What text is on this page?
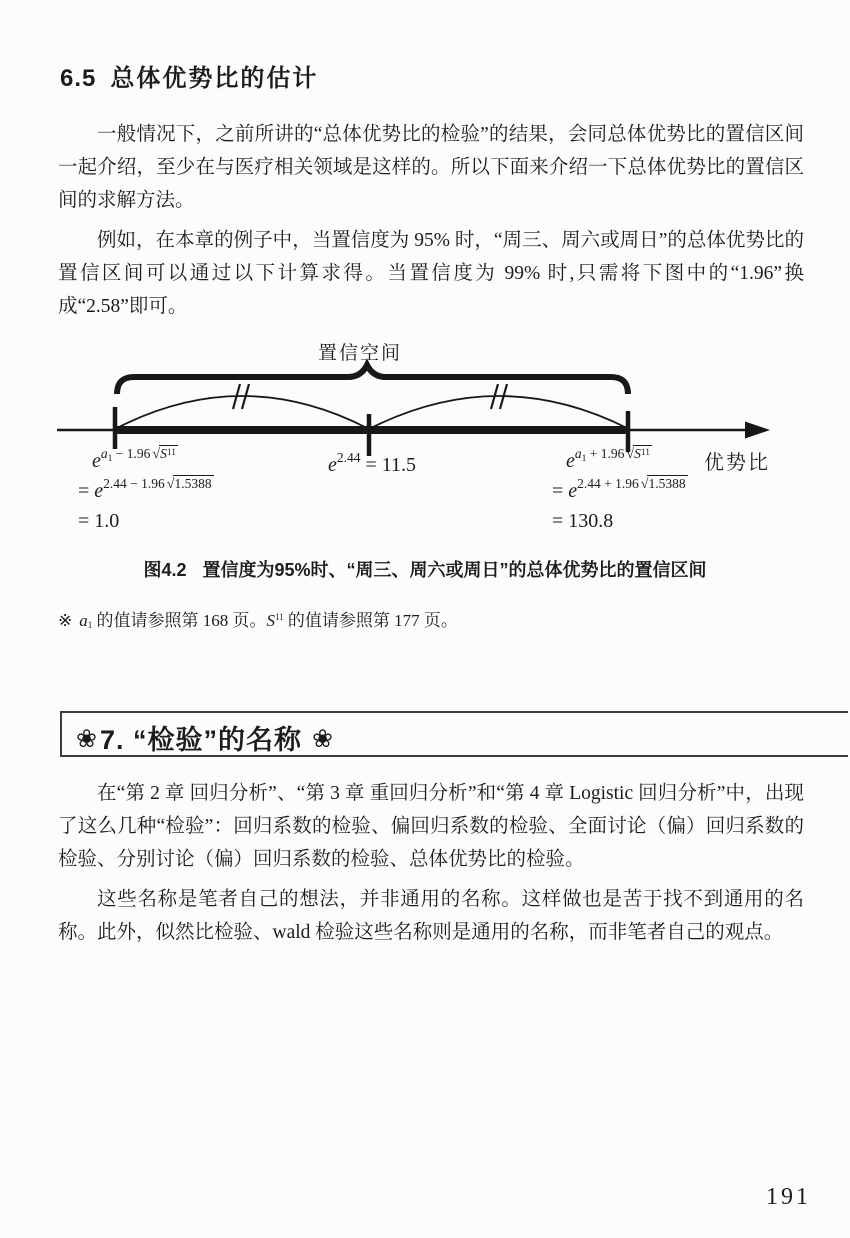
6.5 总体优势比的估计

一般情况下，之前所讲的“总体优势比的检验”的结果，会同总体优势比的置信区间一起介绍，至少在与医疗相关领域是这样的。所以下面来介绍一下总体优势比的置信区间的求解方法。

例如，在本章的例子中，当置信度为 95% 时，“周三、周六或周日”的总体优势比的置信区间可以通过以下计算求得。当置信度为 99% 时,只需将下图中的“1.96”换成“2.58”即可。

置信空间
优势比
$ea_1 - 1.96$ $√S^{11}$
= e2.44 − 1.96 √1.5388
= 1.0
e2.44 = 11.5	$ea_1 + 1.96$ $√S^{11}$
= e2.44 + 1.96 √1.5388
= 130.8
图4.2 置信度为95%时、“周三、周六或周日”的总体优势比的置信区间
※ a1 的值请参照第 168 页。$S^{11}$ 的值请参照第 177 页。
❀7. “检验”的名称 ❀

在“第 2 章 回归分析”、“第 3 章 重回归分析”和“第 4 章 Logistic 回归分析”中，出现了这么几种“检验”：回归系数的检验、偏回归系数的检验、全面讨论（偏）回归系数的检验、分别讨论（偏）回归系数的检验、总体优势比的检验。

这些名称是笔者自己的想法，并非通用的名称。这样做也是苦于找不到通用的名称。此外，似然比检验、wald 检验这些名称则是通用的名称，而非笔者自己的观点。

191
